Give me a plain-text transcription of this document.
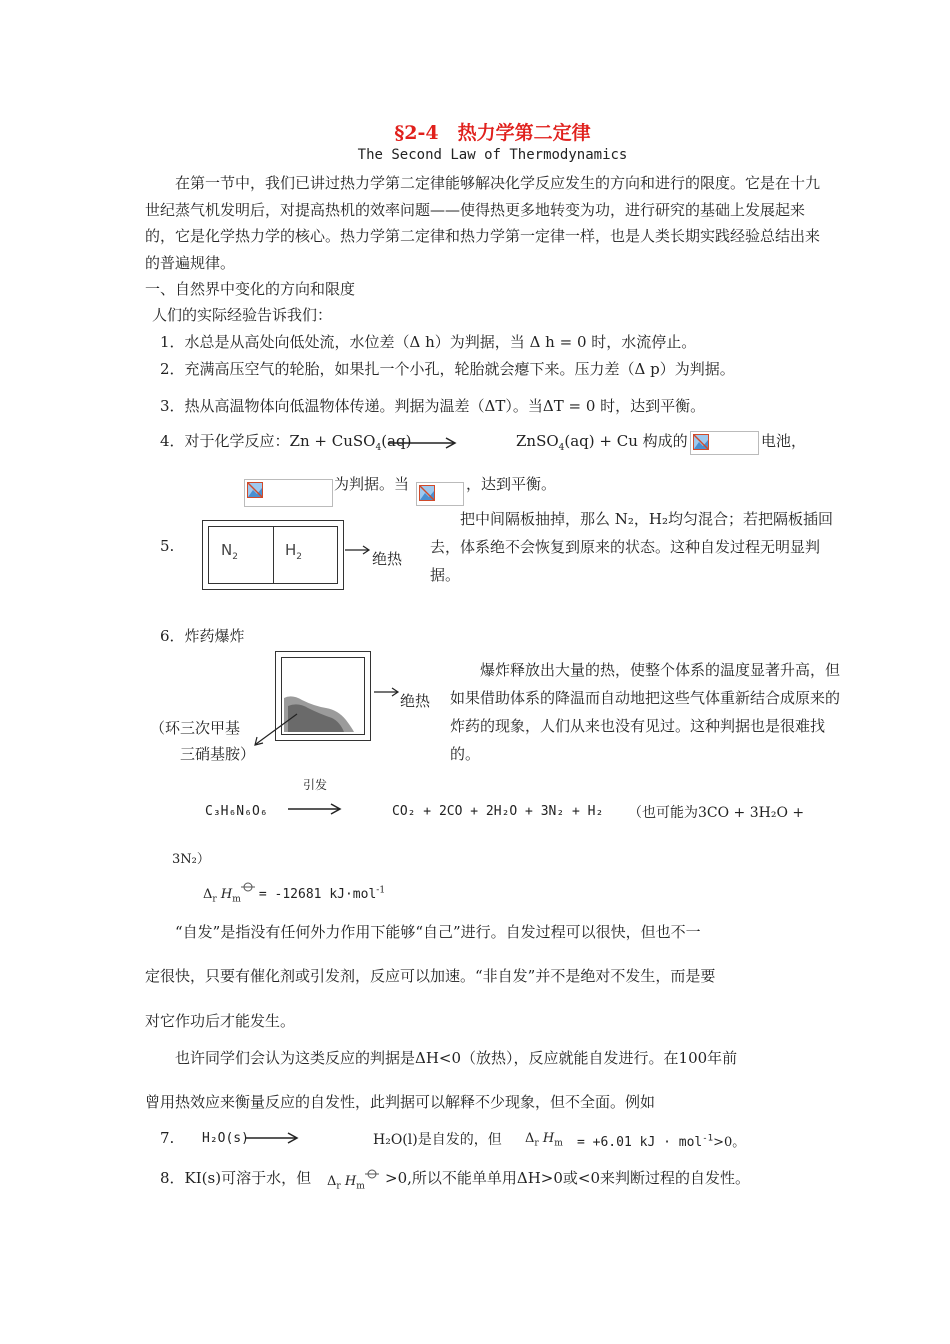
§2-4　热力学第二定律
The Second Law of Thermodynamics
在第一节中，我们已讲过热力学第二定律能够解决化学反应发生的方向和进行的限度。它是在十九世纪蒸气机发明后，对提高热机的效率问题——使得热更多地转变为功，进行研究的基础上发展起来的，它是化学热力学的核心。热力学第二定律和热力学第一定律一样，也是人类长期实践经验总结出来的普遍规律。
一、自然界中变化的方向和限度
人们的实际经验告诉我们：
1．水总是从高处向低处流，水位差（Δ h）为判据，当 Δ h = 0 时，水流停止。
2．充满高压空气的轮胎，如果扎一个小孔，轮胎就会瘪下来。压力差（Δ p）为判据。
3．热从高温物体向低温物体传递。判据为温差（ΔT）。当ΔT = 0 时，达到平衡。
4．对于化学反应：Zn + CuSO$_4$(aq)	ZnSO$_4$(aq) + Cu 构成的	电池，
为判据。当	，达到平衡。
5.	$N_2$	$H_2$	绝热
把中间隔板抽掉，那么 N₂，H₂均匀混合；若把隔板插回去，体系绝不会恢复到原来的状态。这种自发过程无明显判据。
6．炸药爆炸
绝热
（环三次甲基
三硝基胺）
爆炸释放出大量的热，使整个体系的温度显著升高，但如果借助体系的降温而自动地把这些气体重新结合成原来的炸药的现象，人们从来也没有见过。这种判据也是很难找的。
引发
C₃H₆N₆O₆ →	CO₂ + 2CO + 2H₂O + 3N₂ + H₂ （也可能为3CO + 3H₂O +
3N₂）
$\Delta_r$ $H_m = -12681$ kJ·mol$^{-1}$
“自发”是指没有任何外力作用下能够“自己”进行。自发过程可以很快，但也不一
定很快，只要有催化剂或引发剂，反应可以加速。“非自发”并不是绝对不发生，而是要
对它作功后才能发生。
也许同学们会认为这类反应的判据是ΔH<0（放热），反应就能自发进行。在100年前
曾用热效应来衡量反应的自发性，此判据可以解释不少现象，但不全面。例如
7. H₂O(s)	H₂O(l)是自发的，但 $\Delta_r$ $H_m = +6.01$ kJ · mol$^{-1}$>0。
8．KI(s)可溶于水，但 $\Delta_r$ $H_m$	>0,所以不能单单用ΔH>0或<0来判断过程的自发性。
